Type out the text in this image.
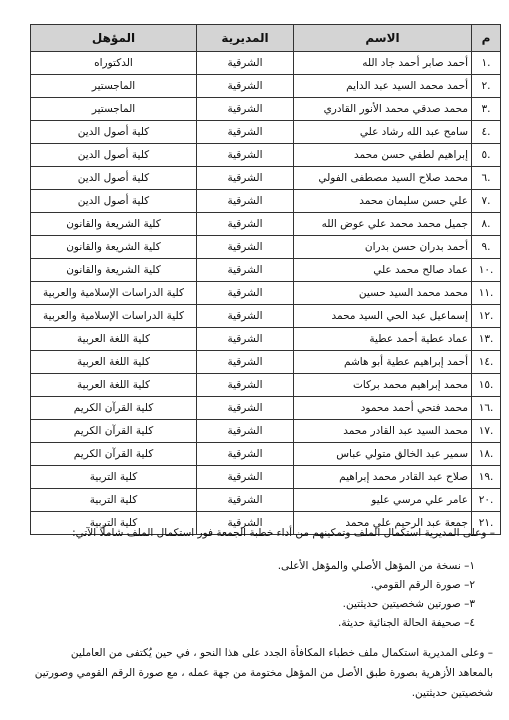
م	الاسم	المديرية	المؤهل
.١	أحمد صابر أحمد جاد الله	الشرقية	الدكتوراه
.٢	أحمد محمد السيد عبد الدايم	الشرقية	الماجستير
.٣	محمد صدقي محمد الأنور القادري	الشرقية	الماجستير
.٤	سامح عبد الله رشاد علي	الشرقية	كلية أصول الدين
.٥	إبراهيم لطفي حسن محمد	الشرقية	كلية أصول الدين
.٦	محمد صلاح السيد مصطفى الفولي	الشرقية	كلية أصول الدين
.٧	علي حسن سليمان محمد	الشرقية	كلية أصول الدين
.٨	جميل محمد محمد علي عوض الله	الشرقية	كلية الشريعة والقانون
.٩	أحمد بدران حسن بدران	الشرقية	كلية الشريعة والقانون
.١٠	عماد صالح محمد علي	الشرقية	كلية الشريعة والقانون
.١١	محمد محمد السيد حسين	الشرقية	كلية الدراسات الإسلامية والعربية
.١٢	إسماعيل عبد الحي السيد محمد	الشرقية	كلية الدراسات الإسلامية والعربية
.١٣	عماد عطية أحمد عطية	الشرقية	كلية اللغة العربية
.١٤	أحمد إبراهيم عطية أبو هاشم	الشرقية	كلية اللغة العربية
.١٥	محمد إبراهيم محمد بركات	الشرقية	كلية اللغة العربية
.١٦	محمد فتحي أحمد محمود	الشرقية	كلية القرآن الكريم
.١٧	محمد السيد عبد القادر محمد	الشرقية	كلية القرآن الكريم
.١٨	سمير عبد الخالق متولي عباس	الشرقية	كلية القرآن الكريم
.١٩	صلاح عبد القادر محمد إبراهيم	الشرقية	كلية التربية
.٢٠	عامر علي مرسي عليو	الشرقية	كلية التربية
.٢١	جمعة عبد الرحيم علي محمد	الشرقية	كلية التربية

– وعلى المديرية استكمال الملف وتمكينهم من أداء خطبة الجمعة فور استكمال الملف شاملًا الآتي:

١– نسخة من المؤهل الأصلي والمؤهل الأعلى.

٢– صورة الرقم القومي.

٣– صورتين شخصيتين حديثتين.

٤– صحيفة الحالة الجنائية حديثة.

– وعلى المديرية استكمال ملف خطباء المكافأة الجدد على هذا النحو ، في حين يُكتفى من العاملين

بالمعاهد الأزهرية بصورة طبق الأصل من المؤهل مختومة من جهة عمله ، مع صورة الرقم القومي وصورتين

شخصيتين حديثتين.
